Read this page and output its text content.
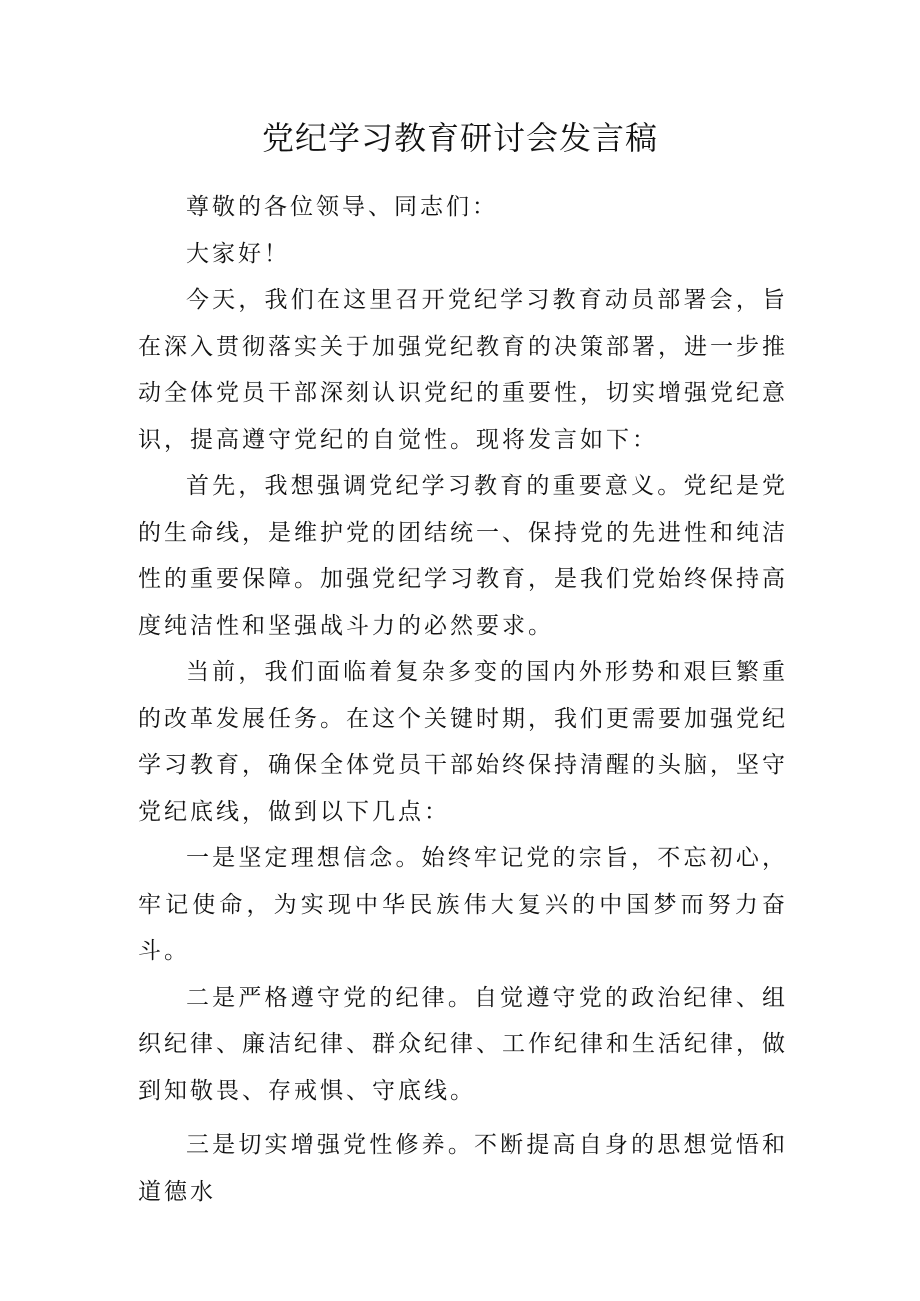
党纪学习教育研讨会发言稿

尊敬的各位领导、同志们：

大家好！

今天，我们在这里召开党纪学习教育动员部署会，旨在深入贯彻落实关于加强党纪教育的决策部署，进一步推动全体党员干部深刻认识党纪的重要性，切实增强党纪意识，提高遵守党纪的自觉性。现将发言如下：

首先，我想强调党纪学习教育的重要意义。党纪是党的生命线，是维护党的团结统一、保持党的先进性和纯洁性的重要保障。加强党纪学习教育，是我们党始终保持高度纯洁性和坚强战斗力的必然要求。

当前，我们面临着复杂多变的国内外形势和艰巨繁重的改革发展任务。在这个关键时期，我们更需要加强党纪学习教育，确保全体党员干部始终保持清醒的头脑，坚守党纪底线，做到以下几点：

一是坚定理想信念。始终牢记党的宗旨，不忘初心，牢记使命，为实现中华民族伟大复兴的中国梦而努力奋斗。

二是严格遵守党的纪律。自觉遵守党的政治纪律、组织纪律、廉洁纪律、群众纪律、工作纪律和生活纪律，做到知敬畏、存戒惧、守底线。

三是切实增强党性修养。不断提高自身的思想觉悟和道德水
